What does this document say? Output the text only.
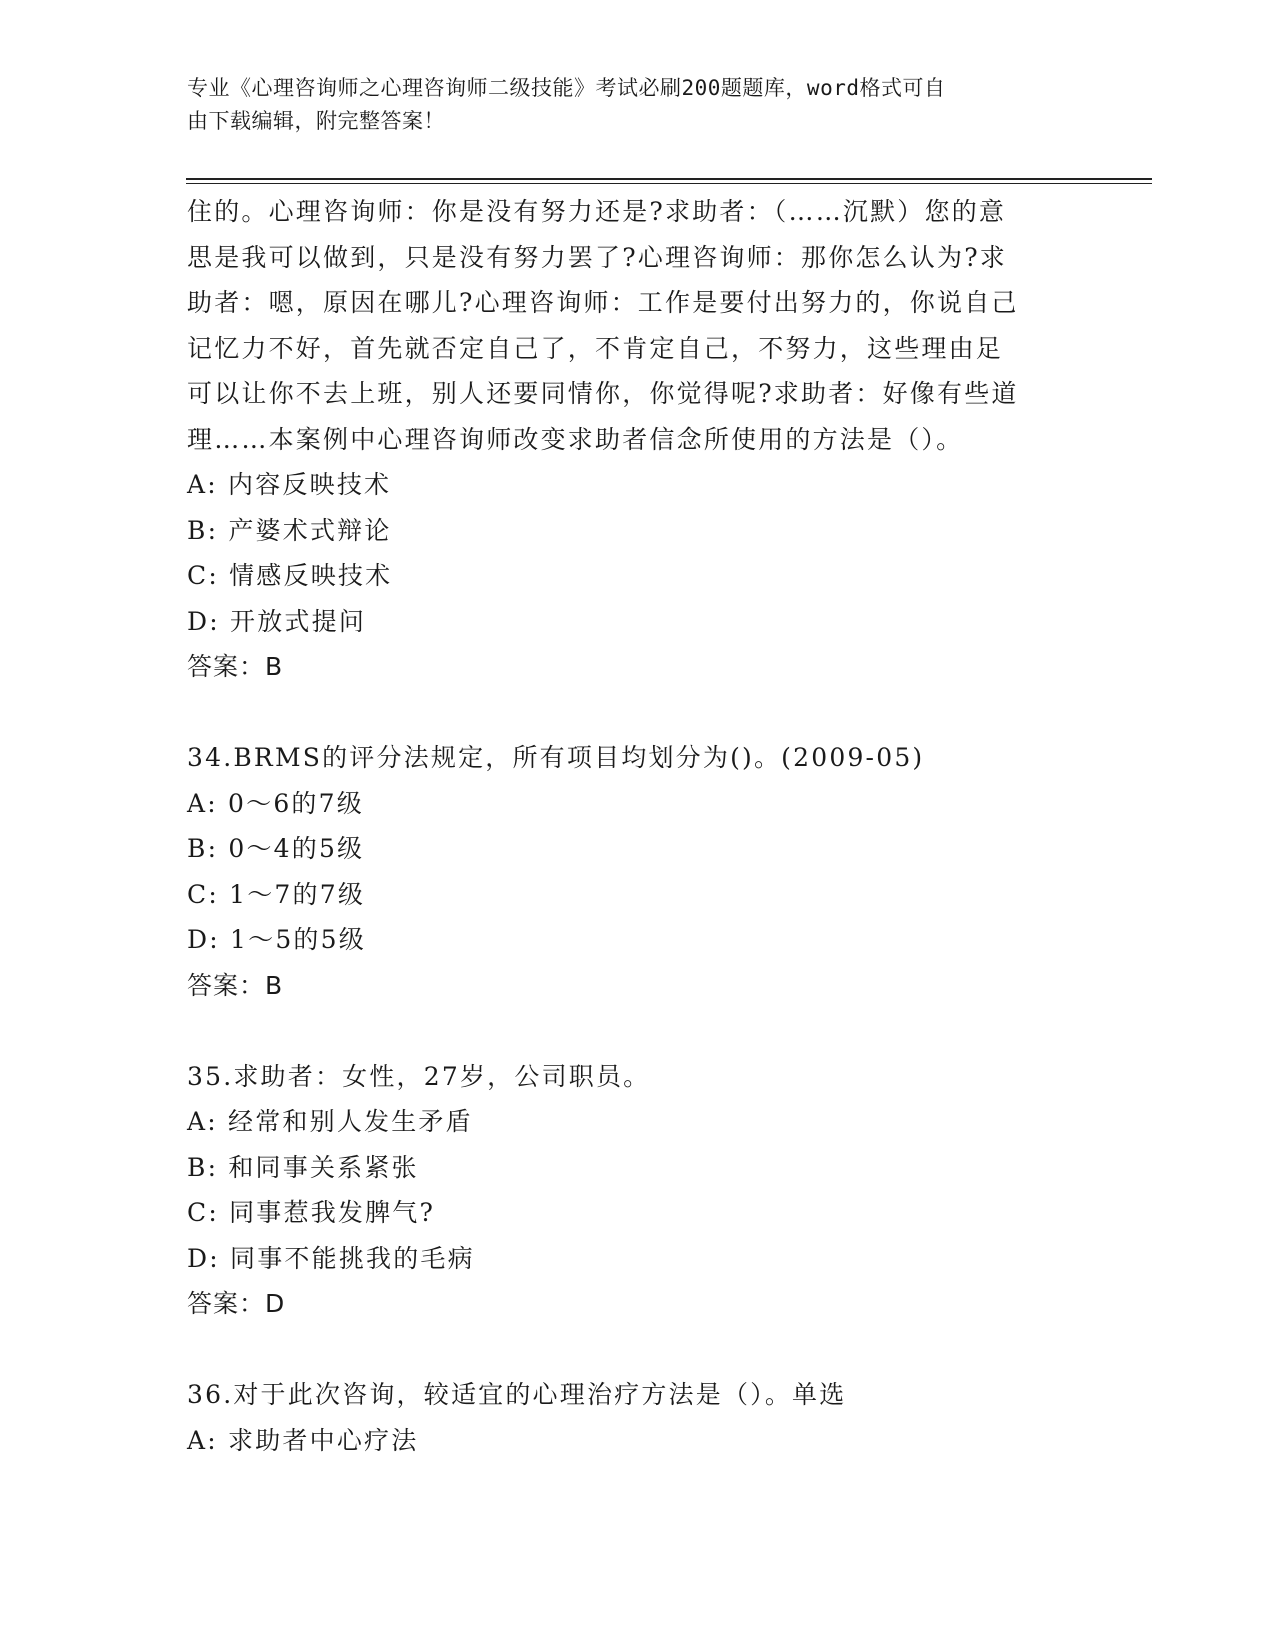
专业《心理咨询师之心理咨询师二级技能》考试必刷200题题库，word格式可自
由下载编辑，附完整答案！
住的。心理咨询师：你是没有努力还是?求助者：（……沉默）您的意
思是我可以做到，只是没有努力罢了?心理咨询师：那你怎么认为?求
助者：嗯，原因在哪儿?心理咨询师：工作是要付出努力的，你说自己
记忆力不好，首先就否定自己了，不肯定自己，不努力，这些理由足
可以让你不去上班，别人还要同情你，你觉得呢?求助者：好像有些道
理……本案例中心理咨询师改变求助者信念所使用的方法是（）。
A: 内容反映技术
B: 产婆术式辩论
C: 情感反映技术
D: 开放式提问
答案：B
34.BRMS的评分法规定，所有项目均划分为()。(2009-05)
A: 0～6的7级
B: 0～4的5级
C: 1～7的7级
D: 1～5的5级
答案：B
35.求助者：女性，27岁，公司职员。
A: 经常和别人发生矛盾
B: 和同事关系紧张
C: 同事惹我发脾气?
D: 同事不能挑我的毛病
答案：D
36.对于此次咨询，较适宜的心理治疗方法是（）。单选
A: 求助者中心疗法
